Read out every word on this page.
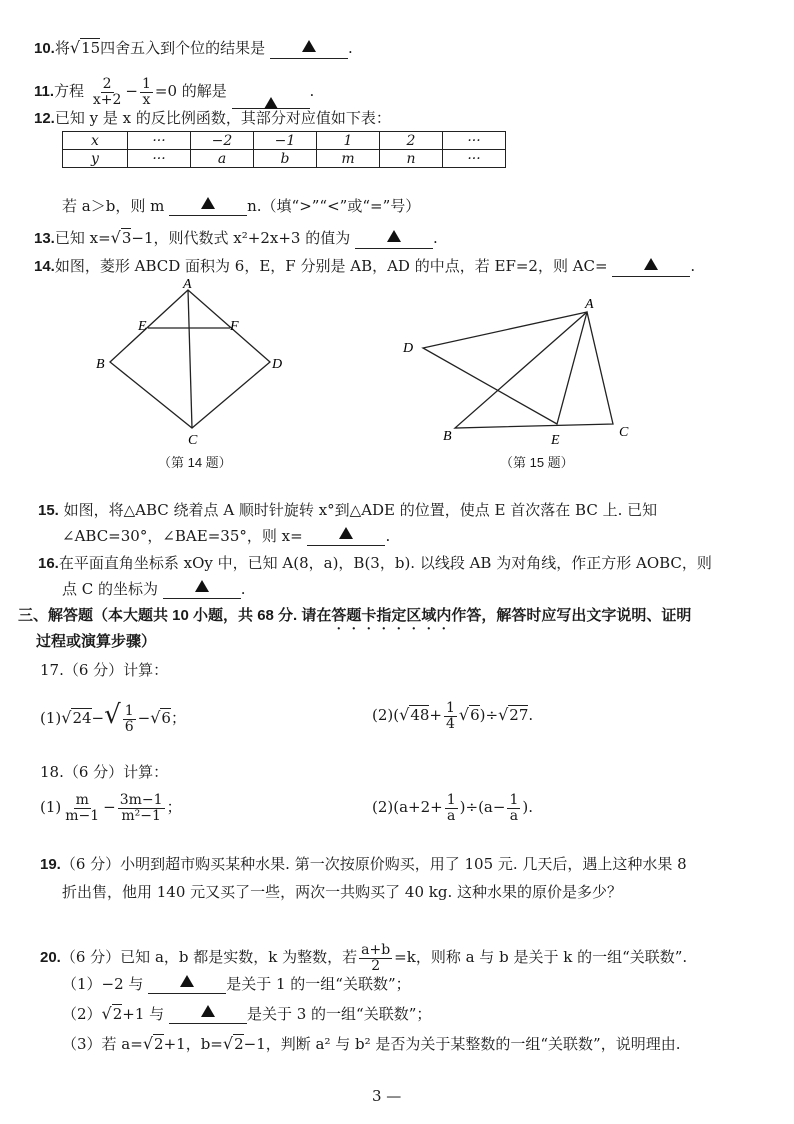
10.将√15四舍五入到个位的结果是	.
11.方程 $\frac{2}{x+2} - \frac{1}{x} =0$ 的解是	.
12.已知 y 是 x 的反比例函数，其部分对应值如下表：
x	···	−2	−1	1	2	···
y	···	a	b	m	n	···
若 a＞b，则 m	n.（填“>”“<”或“=”号）
13.已知 x=√3−1，则代数式 x²+2x+3 的值为	.
14.如图，菱形 ABCD 面积为 6，E，F 分别是 AB，AD 的中点，若 EF=2，则 AC=	.
A
B
C
D
E	F
（第 14 题）
A
B	C
D
E
（第 15 题）
15. 如图，将△ABC 绕着点 A 顺时针旋转 x°到△ADE 的位置，使点 E 首次落在 BC 上. 已知
∠ABC=30°，∠BAE=35°，则 x=	.
16.在平面直角坐标系 xOy 中，已知 A(8，a)，B(3，b). 以线段 AB 为对角线，作正方形 AOBC，则
点 C 的坐标为	.
三、解答题（本大题共 10 小题，共 68 分. 请在答题卡指定区域内作答，解答时应写出文字说明、证明
过程或演算步骤）
17.（6 分）计算：
$(1)√24-√ \frac{1}{6} -√6$；	$(2)(√48+ \frac{1}{4} √6)\div√27$.
18.（6 分）计算：
$(1) \frac{m}{m-1} - \frac{3m-1}{\text{m²−1}}$ ；	$(2)(a+2+ \frac{1}{a} )\div(a- \frac{1}{a}$ ).
19.（6 分）小明到超市购买某种水果. 第一次按原价购买，用了 105 元. 几天后，遇上这种水果 8
折出售，他用 140 元又买了一些，两次一共购买了 40 kg. 这种水果的原价是多少？
20.（6 分）已知 a，b 都是实数，k 为整数，若 $\frac{a+b}{2} =k$，则称 a 与 b 是关于 k 的一组“关联数”.
（1）−2 与	是关于 1 的一组“关联数”；
（2）√2+1 与	是关于 3 的一组“关联数”；
（3）若 a=√2+1，b=√2−1，判断 a² 与 b² 是否为关于某整数的一组“关联数”，说明理由.
3 —
